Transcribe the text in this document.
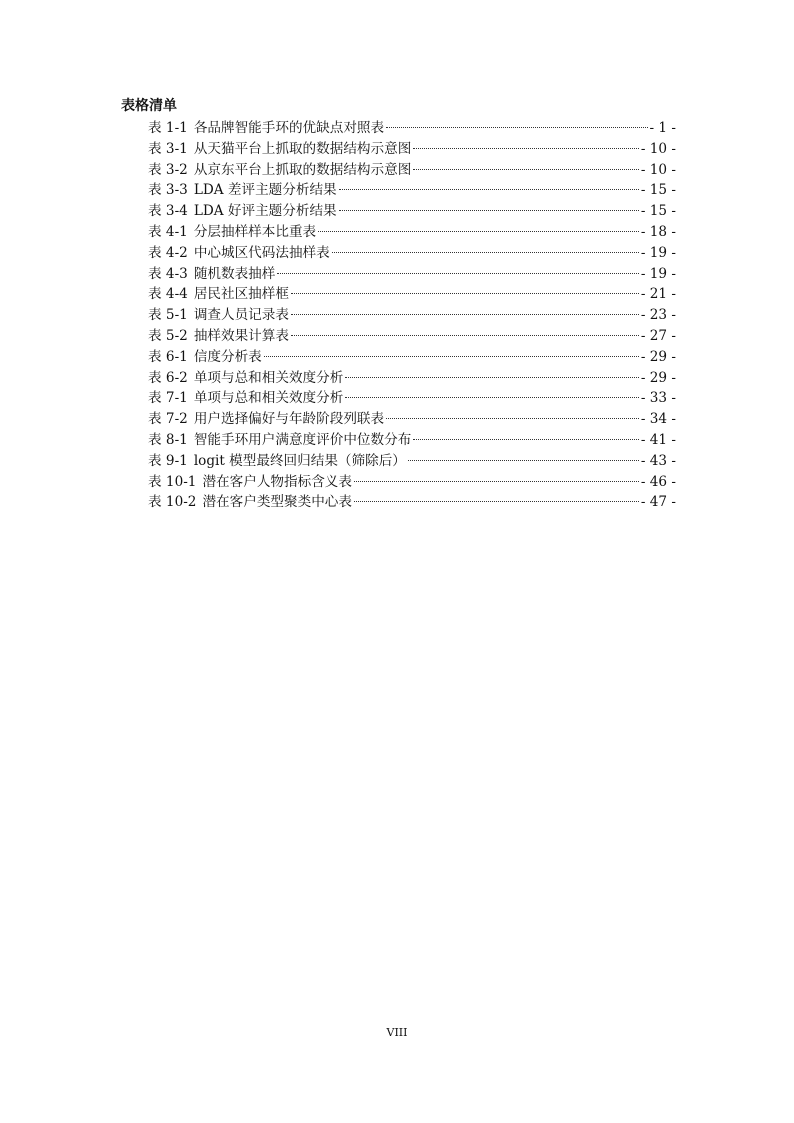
表格清单
表 1-1 各品牌智能手环的优缺点对照表	- 1 -
表 3-1 从天猫平台上抓取的数据结构示意图	- 10 -
表 3-2 从京东平台上抓取的数据结构示意图	- 10 -
表 3-3 LDA 差评主题分析结果	- 15 -
表 3-4 LDA 好评主题分析结果	- 15 -
表 4-1 分层抽样样本比重表	- 18 -
表 4-2 中心城区代码法抽样表	- 19 -
表 4-3 随机数表抽样	- 19 -
表 4-4 居民社区抽样框	- 21 -
表 5-1 调查人员记录表	- 23 -
表 5-2 抽样效果计算表	- 27 -
表 6-1 信度分析表	- 29 -
表 6-2 单项与总和相关效度分析	- 29 -
表 7-1 单项与总和相关效度分析	- 33 -
表 7-2 用户选择偏好与年龄阶段列联表	- 34 -
表 8-1 智能手环用户满意度评价中位数分布	- 41 -
表 9-1 logit 模型最终回归结果（筛除后）	- 43 -
表 10-1 潜在客户人物指标含义表	- 46 -
表 10-2 潜在客户类型聚类中心表	- 47 -
VIII
